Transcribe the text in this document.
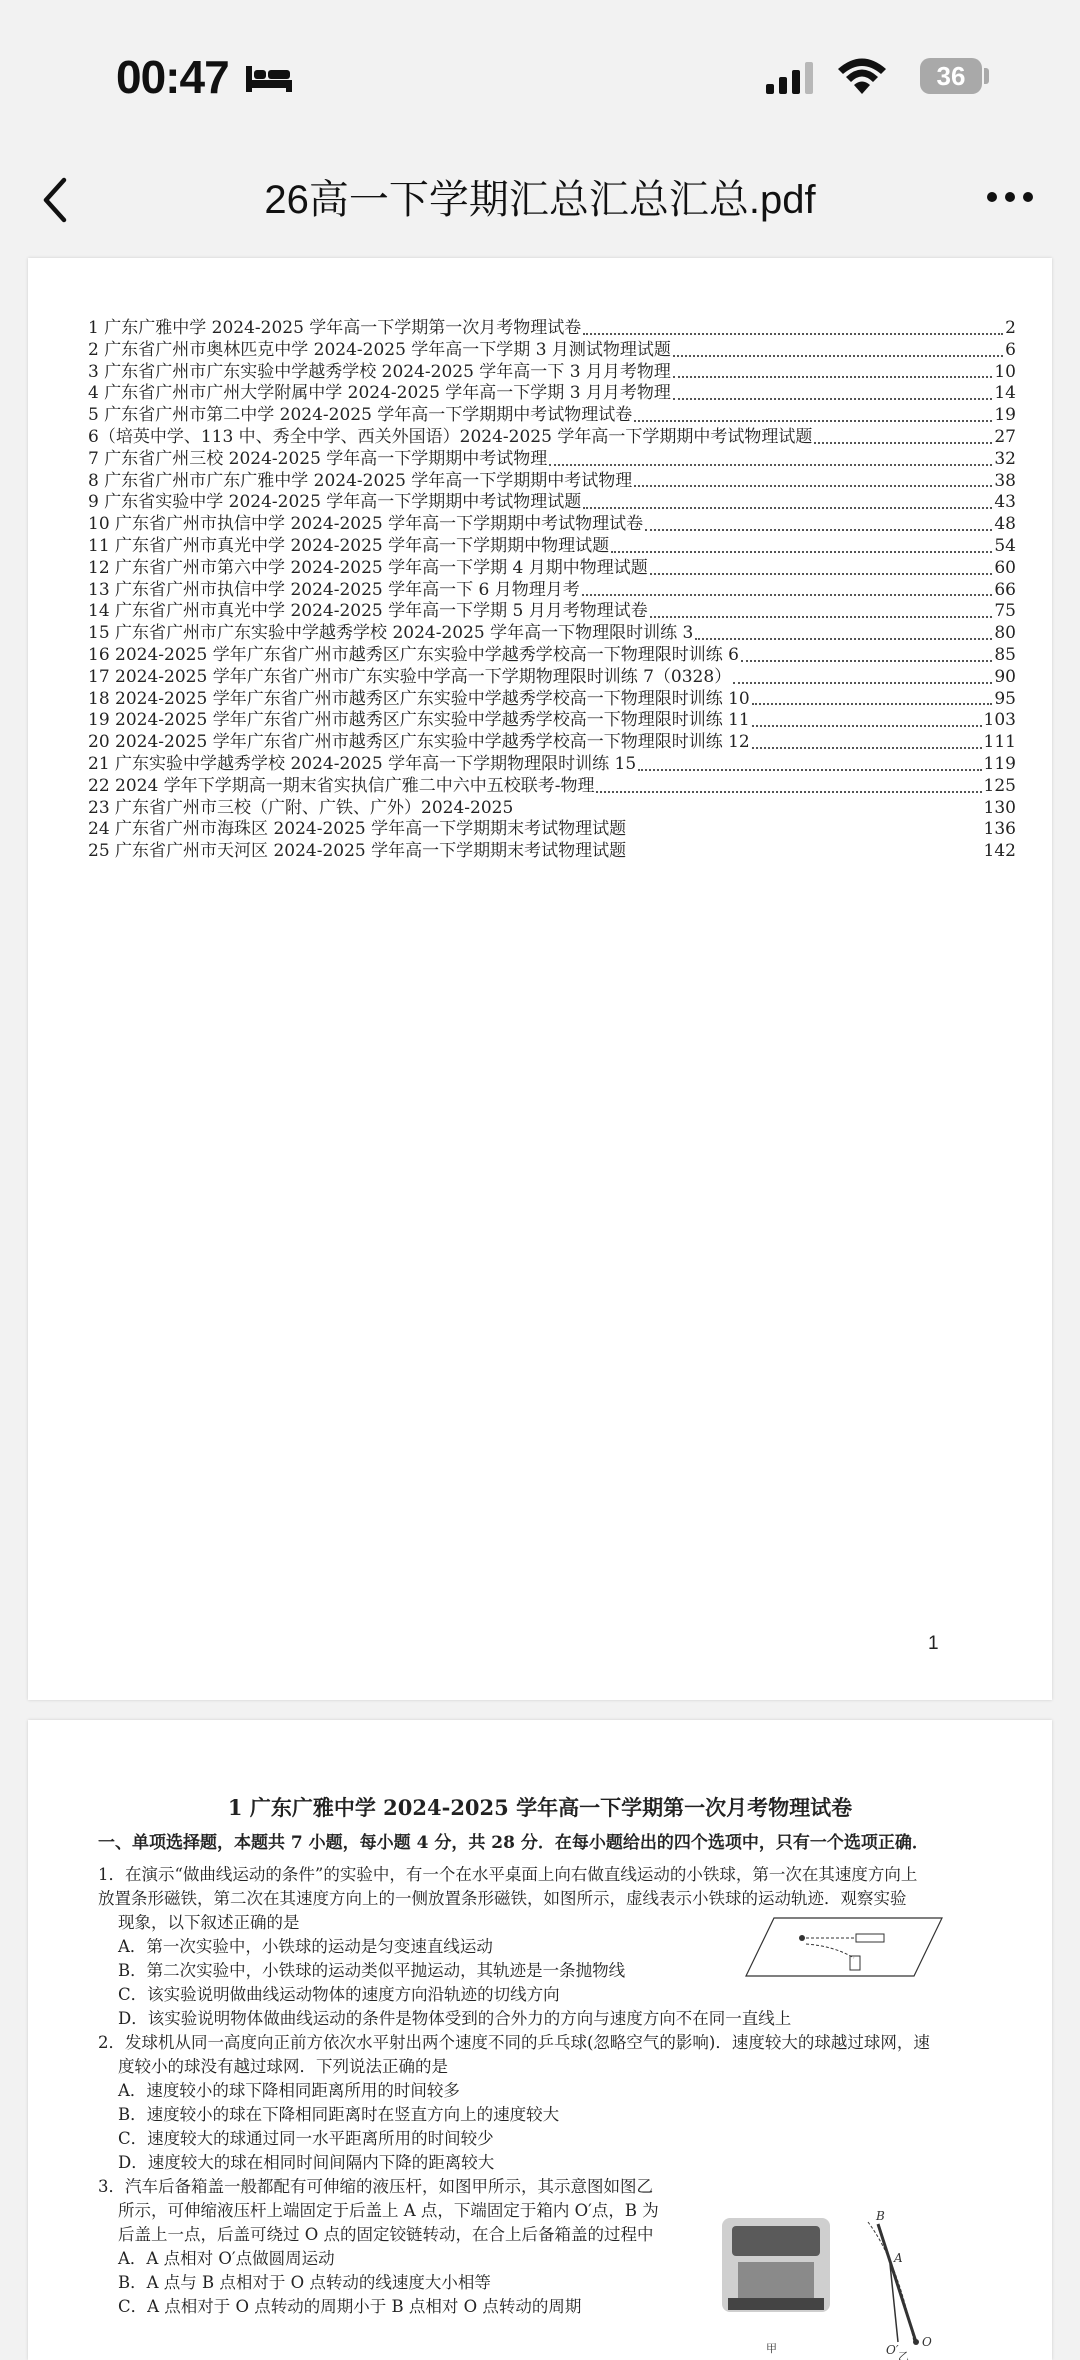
00:47	36
26高一下学期汇总汇总汇总.pdf
1 广东广雅中学 2024-2025 学年高一下学期第一次月考物理试卷	2
2 广东省广州市奥林匹克中学 2024-2025 学年高一下学期 3 月测试物理试题	6
3 广东省广州市广东实验中学越秀学校 2024-2025 学年高一下 3 月月考物理	10
4 广东省广州市广州大学附属中学 2024-2025 学年高一下学期 3 月月考物理	14
5 广东省广州市第二中学 2024-2025 学年高一下学期期中考试物理试卷	19
6（培英中学、113 中、秀全中学、西关外国语）2024-2025 学年高一下学期期中考试物理试题	27
7 广东省广州三校 2024-2025 学年高一下学期期中考试物理	32
8 广东省广州市广东广雅中学 2024-2025 学年高一下学期期中考试物理	38
9 广东省实验中学 2024-2025 学年高一下学期期中考试物理试题	43
10 广东省广州市执信中学 2024-2025 学年高一下学期期中考试物理试卷	48
11 广东省广州市真光中学 2024-2025 学年高一下学期期中物理试题	54
12 广东省广州市第六中学 2024-2025 学年高一下学期 4 月期中物理试题	60
13 广东省广州市执信中学 2024-2025 学年高一下 6 月物理月考	66
14 广东省广州市真光中学 2024-2025 学年高一下学期 5 月月考物理试卷	75
15 广东省广州市广东实验中学越秀学校 2024-2025 学年高一下物理限时训练 3	80
16 2024-2025 学年广东省广州市越秀区广东实验中学越秀学校高一下物理限时训练 6	85
17 2024-2025 学年广东省广州市广东实验中学高一下学期物理限时训练 7（0328）	90
18 2024-2025 学年广东省广州市越秀区广东实验中学越秀学校高一下物理限时训练 10	95
19 2024-2025 学年广东省广州市越秀区广东实验中学越秀学校高一下物理限时训练 11	103
20 2024-2025 学年广东省广州市越秀区广东实验中学越秀学校高一下物理限时训练 12	111
21 广东实验中学越秀学校 2024-2025 学年高一下学期物理限时训练 15	119
22 2024 学年下学期高一期末省实执信广雅二中六中五校联考-物理	125
23 广东省广州市三校（广附、广铁、广外）2024-2025	130
24 广东省广州市海珠区 2024-2025 学年高一下学期期末考试物理试题	136
25 广东省广州市天河区 2024-2025 学年高一下学期期末考试物理试题	142
1
1 广东广雅中学 2024-2025 学年高一下学期第一次月考物理试卷
一、单项选择题，本题共 7 小题，每小题 4 分，共 28 分．在每小题给出的四个选项中，只有一个选项正确．
1．在演示“做曲线运动的条件”的实验中，有一个在水平桌面上向右做直线运动的小铁球，第一次在其速度方向上
放置条形磁铁，第二次在其速度方向上的一侧放置条形磁铁，如图所示，虚线表示小铁球的运动轨迹．观察实验
现象，以下叙述正确的是
A．第一次实验中，小铁球的运动是匀变速直线运动
B．第二次实验中，小铁球的运动类似平抛运动，其轨迹是一条抛物线
C．该实验说明做曲线运动物体的速度方向沿轨迹的切线方向
D．该实验说明物体做曲线运动的条件是物体受到的合外力的方向与速度方向不在同一直线上
2．发球机从同一高度向正前方依次水平射出两个速度不同的乒乓球(忽略空气的影响)．速度较大的球越过球网，速
度较小的球没有越过球网．下列说法正确的是
A．速度较小的球下降相同距离所用的时间较多
B．速度较小的球在下降相同距离时在竖直方向上的速度较大
C．速度较大的球通过同一水平距离所用的时间较少
D．速度较大的球在相同时间间隔内下降的距离较大
3．汽车后备箱盖一般都配有可伸缩的液压杆，如图甲所示，其示意图如图乙
所示，可伸缩液压杆上端固定于后盖上 A 点，下端固定于箱内 O′点，B 为
后盖上一点，后盖可绕过 O 点的固定铰链转动，在合上后备箱盖的过程中
A．A 点相对 O′点做圆周运动
B．A 点与 B 点相对于 O 点转动的线速度大小相等
C．A 点相对于 O 点转动的周期小于 B 点相对 O 点转动的周期
甲
B
A
O
O′ 乙
